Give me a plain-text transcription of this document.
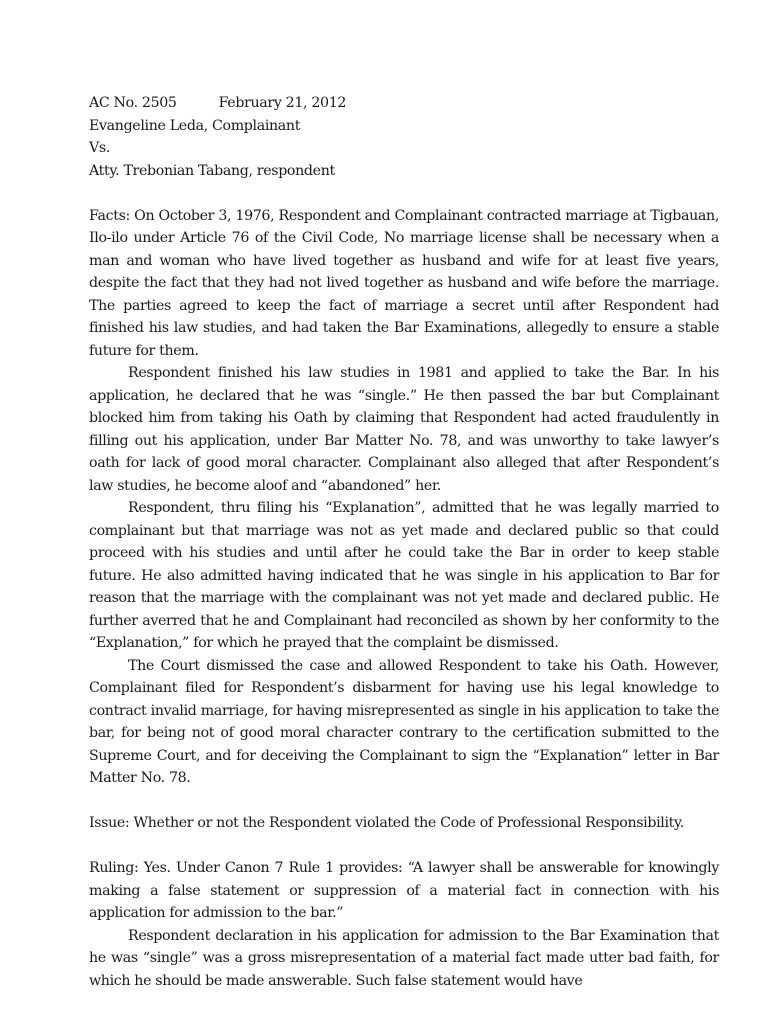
AC No. 2505	February 21, 2012
Evangeline Leda, Complainant
Vs.
Atty. Trebonian Tabang, respondent

Facts: On October 3, 1976, Respondent and Complainant contracted marriage at Tigbauan, Ilo-ilo under Article 76 of the Civil Code, No marriage license shall be necessary when a man and woman who have lived together as husband and wife for at least five years, despite the fact that they had not lived together as husband and wife before the marriage. The parties agreed to keep the fact of marriage a secret until after Respondent had finished his law studies, and had taken the Bar Examinations, allegedly to ensure a stable future for them.

Respondent finished his law studies in 1981 and applied to take the Bar. In his application, he declared that he was “single.” He then passed the bar but Complainant blocked him from taking his Oath by claiming that Respondent had acted fraudulently in filling out his application, under Bar Matter No. 78, and was unworthy to take lawyer’s oath for lack of good moral character. Complainant also alleged that after Respondent’s law studies, he become aloof and “abandoned” her.

Respondent, thru filing his “Explanation”, admitted that he was legally married to complainant but that marriage was not as yet made and declared public so that could proceed with his studies and until after he could take the Bar in order to keep stable future. He also admitted having indicated that he was single in his application to Bar for reason that the marriage with the complainant was not yet made and declared public. He further averred that he and Complainant had reconciled as shown by her conformity to the “Explanation,” for which he prayed that the complaint be dismissed.

The Court dismissed the case and allowed Respondent to take his Oath. However, Complainant filed for Respondent’s disbarment for having use his legal knowledge to contract invalid marriage, for having misrepresented as single in his application to take the bar, for being not of good moral character contrary to the certification submitted to the Supreme Court, and for deceiving the Complainant to sign the “Explanation” letter in Bar Matter No. 78.

Issue: Whether or not the Respondent violated the Code of Professional Responsibility.

Ruling: Yes. Under Canon 7 Rule 1 provides: “A lawyer shall be answerable for knowingly making a false statement or suppression of a material fact in connection with his application for admission to the bar.”

Respondent declaration in his application for admission to the Bar Examination that he was “single” was a gross misrepresentation of a material fact made utter bad faith, for which he should be made answerable. Such false statement would have
